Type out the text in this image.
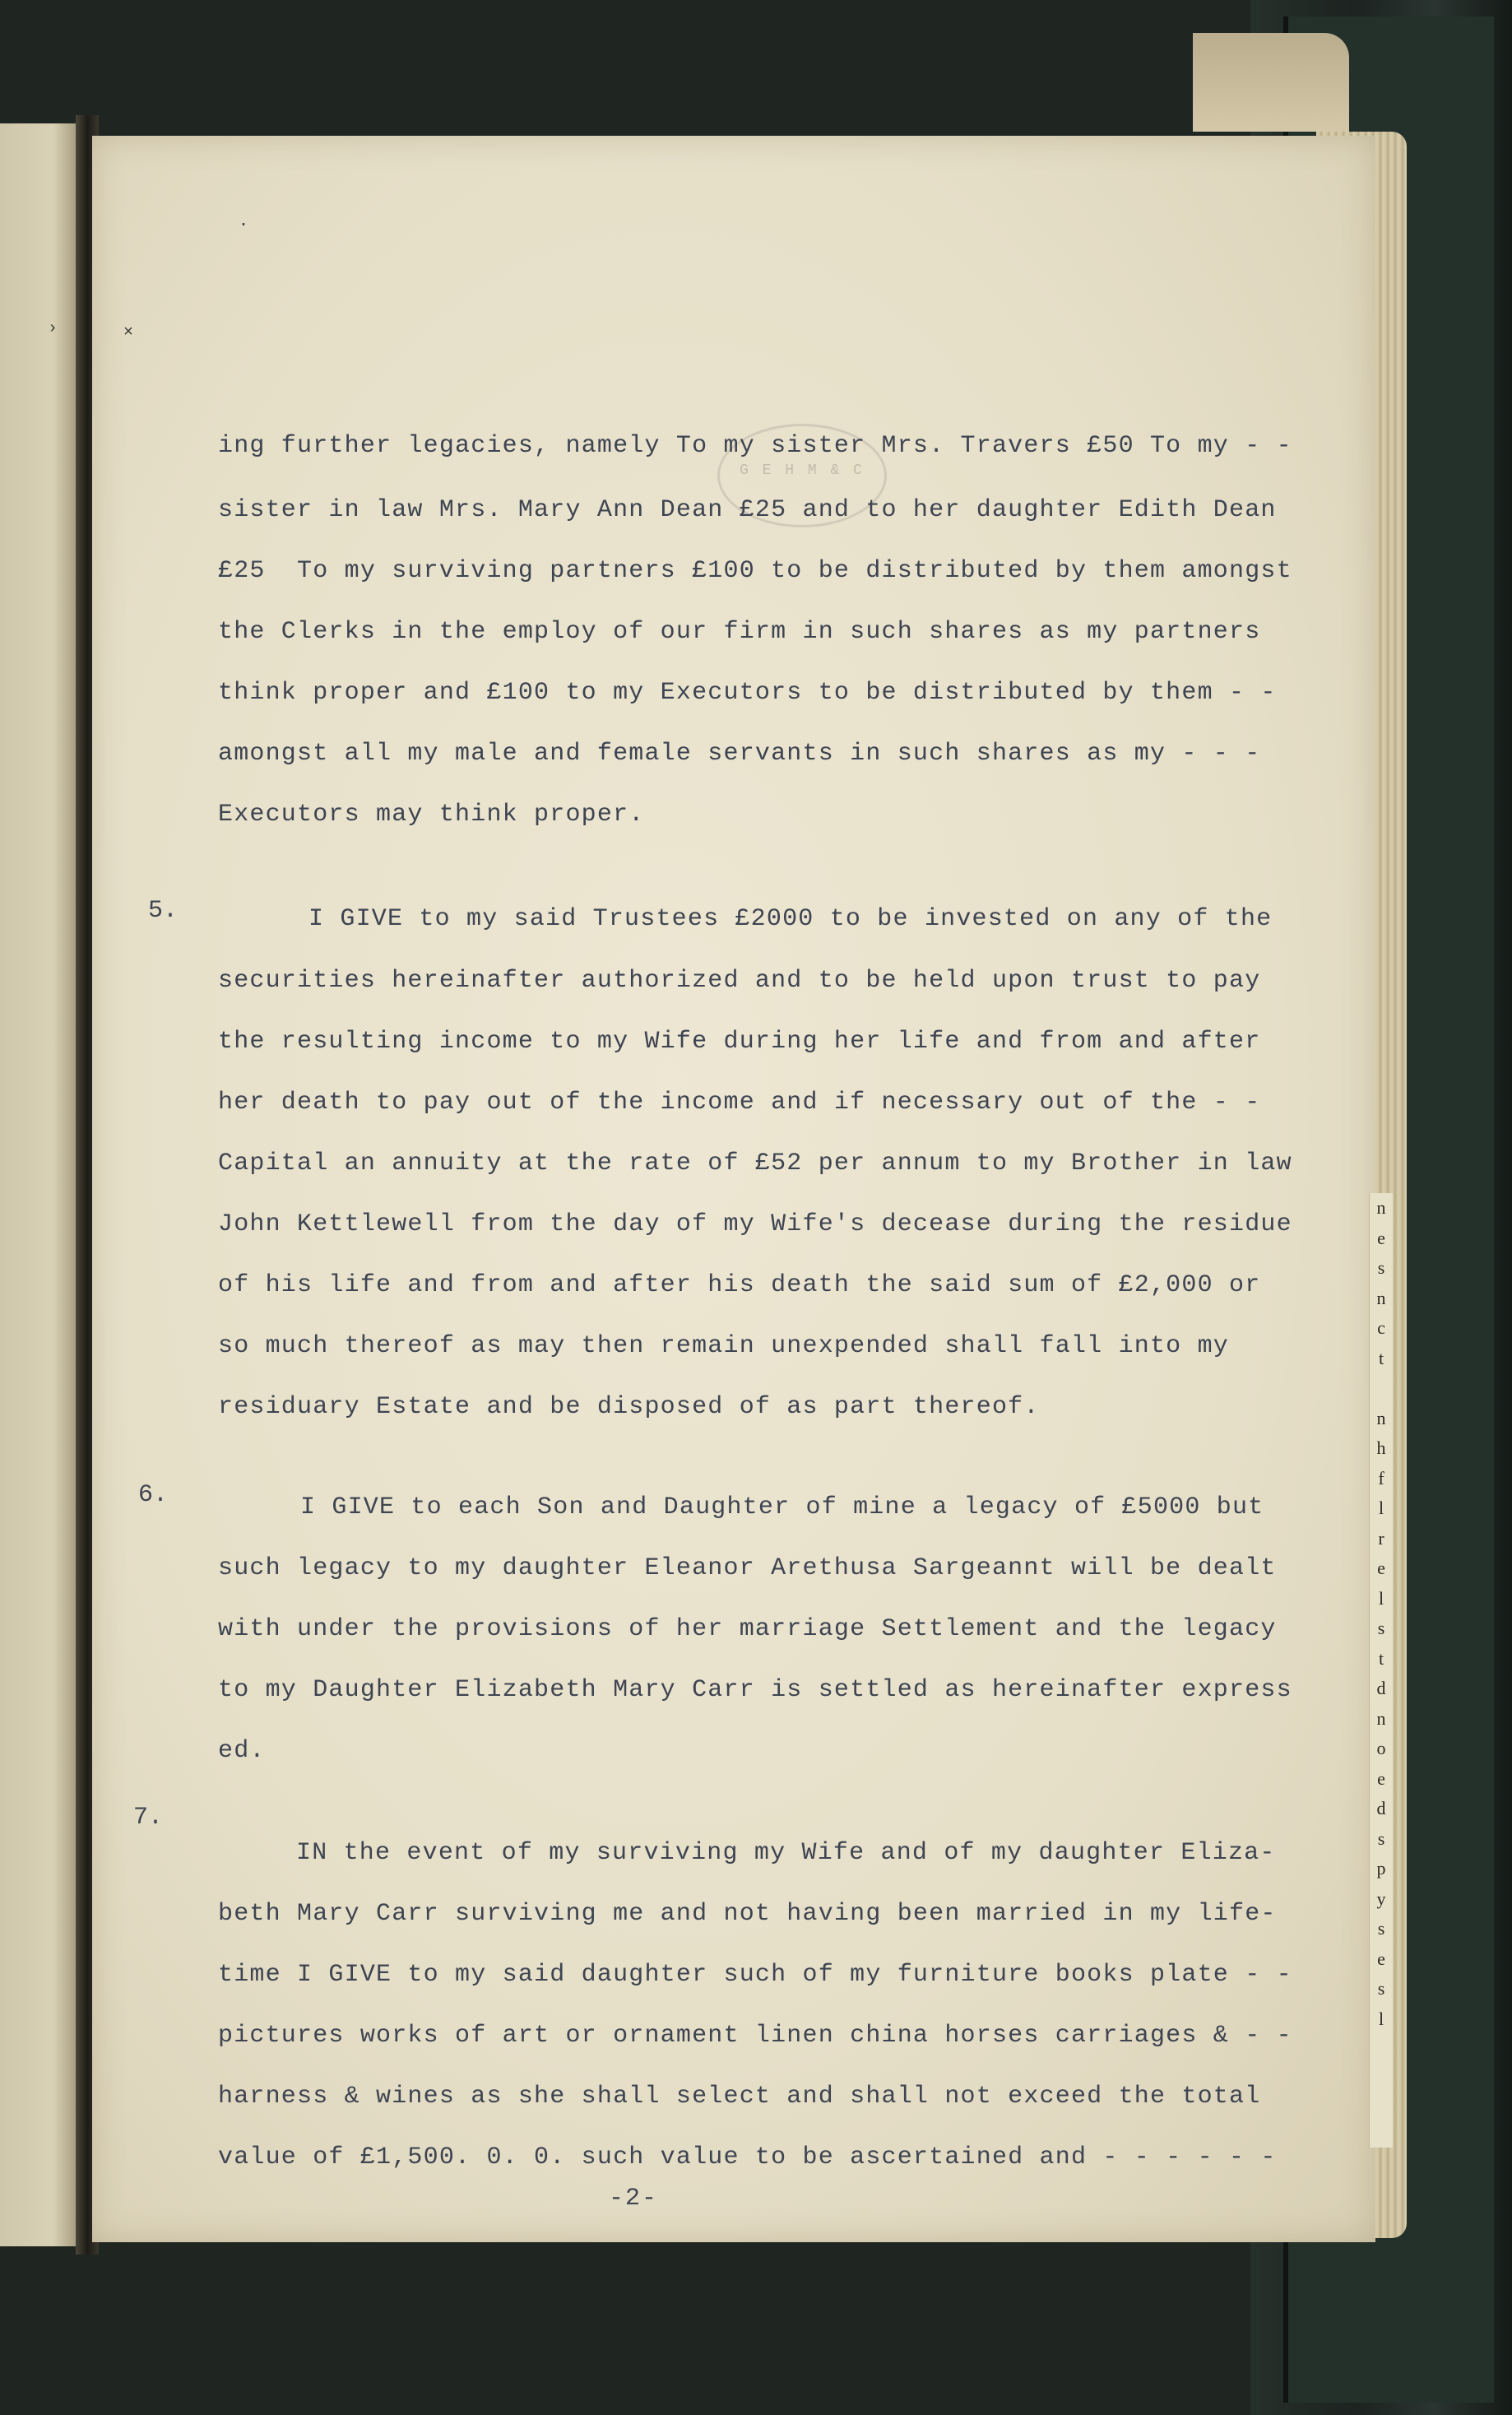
G E H M & C
›	×
·
n
e
s
n
c
t
n
h
f
l
r
e
l
s
t
d
n
o
e
d
s
p
y
s
e
s
l
ing further legacies, namely To my sister Mrs. Travers £50 To my - -
sister in law Mrs. Mary Ann Dean £25 and to her daughter Edith Dean
£25  To my surviving partners £100 to be distributed by them amongst
the Clerks in the employ of our firm in such shares as my partners
think proper and £100 to my Executors to be distributed by them - -
amongst all my male and female servants in such shares as my - - -
Executors may think proper.
I GIVE to my said Trustees £2000 to be invested on any of the
securities hereinafter authorized and to be held upon trust to pay
the resulting income to my Wife during her life and from and after
her death to pay out of the income and if necessary out of the - -
Capital an annuity at the rate of £52 per annum to my Brother in law
John Kettlewell from the day of my Wife's decease during the residue
of his life and from and after his death the said sum of £2,000 or
so much thereof as may then remain unexpended shall fall into my
residuary Estate and be disposed of as part thereof.
I GIVE to each Son and Daughter of mine a legacy of £5000 but
such legacy to my daughter Eleanor Arethusa Sargeannt will be dealt
with under the provisions of her marriage Settlement and the legacy
to my Daughter Elizabeth Mary Carr is settled as hereinafter express
ed.
IN the event of my surviving my Wife and of my daughter Eliza-
beth Mary Carr surviving me and not having been married in my life-
time I GIVE to my said daughter such of my furniture books plate - -
pictures works of art or ornament linen china horses carriages & - -
harness & wines as she shall select and shall not exceed the total
value of £1,500. 0. 0. such value to be ascertained and - - - - - -
5.
6.
7.
-2-
